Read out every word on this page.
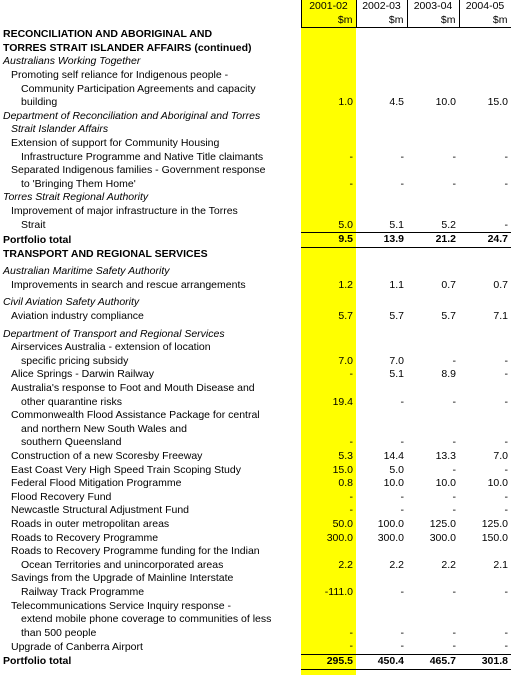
	2001-02	2002-03	2003-04	2004-05
	$m	$m	$m	$m
RECONCILIATION AND ABORIGINAL AND				
TORRES STRAIT ISLANDER AFFAIRS (continued)				
Australians Working Together				
Promoting self reliance for Indigenous people -				
Community Participation Agreements and capacity				
building	1.0	4.5	10.0	15.0
Department of Reconciliation and Aboriginal and Torres				
Strait Islander Affairs				
Extension of support for Community Housing				
Infrastructure Programme and Native Title claimants	-	-	-	-
Separated Indigenous families - Government response				
to 'Bringing Them Home'	-	-	-	-
Torres Strait Regional Authority				
Improvement of major infrastructure in the Torres				
Strait	5.0	5.1	5.2	-
Portfolio total	9.5	13.9	21.2	24.7
TRANSPORT AND REGIONAL SERVICES				

Australian Maritime Safety Authority				
Improvements in search and rescue arrangements	1.2	1.1	0.7	0.7

Civil Aviation Safety Authority				
Aviation industry compliance	5.7	5.7	5.7	7.1

Department of Transport and Regional Services				
Airservices Australia - extension of location				
specific pricing subsidy	7.0	7.0	-	-
Alice Springs - Darwin Railway	-	5.1	8.9	-
Australia's response to Foot and Mouth Disease and				
other quarantine risks	19.4	-	-	-
Commonwealth Flood Assistance Package for central				
and northern New South Wales and				
southern Queensland	-	-	-	-
Construction of a new Scoresby Freeway	5.3	14.4	13.3	7.0
East Coast Very High Speed Train Scoping Study	15.0	5.0	-	-
Federal Flood Mitigation Programme	0.8	10.0	10.0	10.0
Flood Recovery Fund	-	-	-	-
Newcastle Structural Adjustment Fund	-	-	-	-
Roads in outer metropolitan areas	50.0	100.0	125.0	125.0
Roads to Recovery Programme	300.0	300.0	300.0	150.0
Roads to Recovery Programme funding for the Indian				
Ocean Territories and unincorporated areas	2.2	2.2	2.2	2.1
Savings from the Upgrade of Mainline Interstate				
Railway Track Programme	-111.0	-	-	-
Telecommunications Service Inquiry response -				
extend mobile phone coverage to communities of less				
than 500 people	-	-	-	-
Upgrade of Canberra Airport	-	-	-	-
Portfolio total	295.5	450.4	465.7	301.8
